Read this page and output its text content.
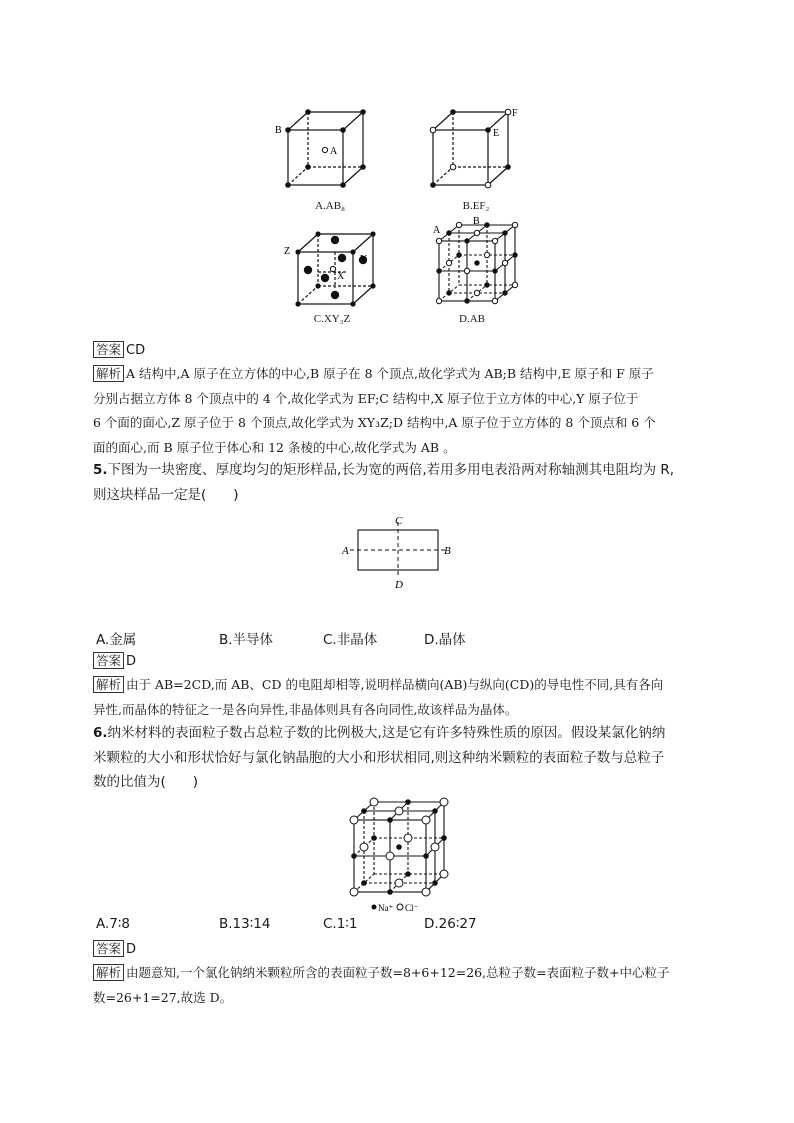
B
A
A.AB₈
F
E
B.EF₂
Z
Y
X
C.XY₃Z
A
B
D.AB
答案 CD
解析 A 结构中,A 原子在立方体的中心,B 原子在 8 个顶点,故化学式为 AB;B 结构中,E 原子和 F 原子
分别占据立方体 8 个顶点中的 4 个,故化学式为 EF;C 结构中,X 原子位于立方体的中心,Y 原子位于
6 个面的面心,Z 原子位于 8 个顶点,故化学式为 XY₃Z;D 结构中,A 原子位于立方体的 8 个顶点和 6 个
面的面心,而 B 原子位于体心和 12 条棱的中心,故化学式为 AB 。
5.下图为一块密度、厚度均匀的矩形样品,长为宽的两倍,若用多用电表沿两对称轴测其电阻均为 R,
则这块样品一定是(　　)
A	B
C
D
A.金属	B.半导体	C.非晶体	D.晶体
答案 D
解析 由于 AB=2CD,而 AB、CD 的电阻却相等,说明样品横向(AB)与纵向(CD)的导电性不同,具有各向
异性,而晶体的特征之一是各向异性,非晶体则具有各向同性,故该样品为晶体。
6.纳米材料的表面粒子数占总粒子数的比例极大,这是它有许多特殊性质的原因。假设某氯化钠纳
米颗粒的大小和形状恰好与氯化钠晶胞的大小和形状相同,则这种纳米颗粒的表面粒子数与总粒子
数的比值为(　　)
Na⁺ Cl⁻
A.7∶8	B.13∶14	C.1∶1	D.26∶27
答案 D
解析 由题意知,一个氯化钠纳米颗粒所含的表面粒子数=8+6+12=26,总粒子数=表面粒子数+中心粒子
数=26+1=27,故选 D。
